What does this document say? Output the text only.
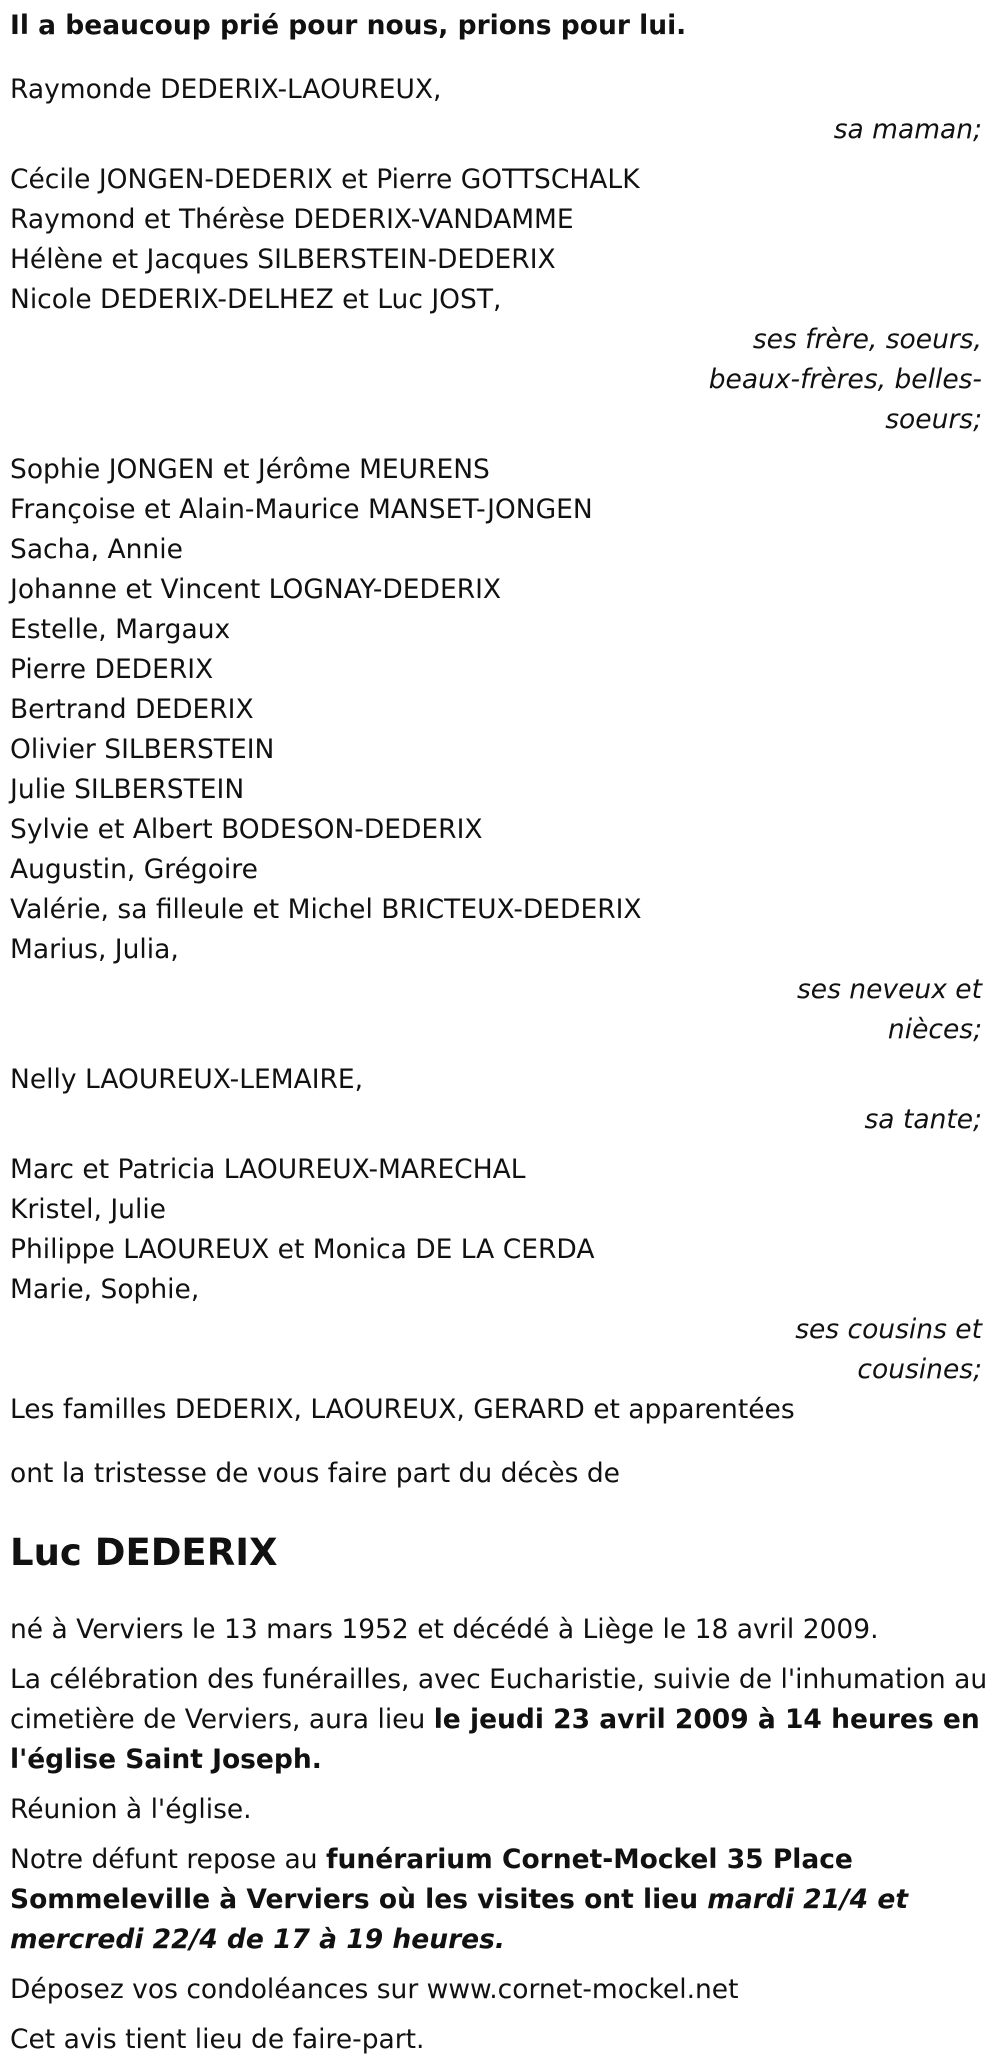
Il a beaucoup prié pour nous, prions pour lui.
Raymonde DEDERIX-LAOUREUX,
sa maman;
Cécile JONGEN-DEDERIX et Pierre GOTTSCHALK
Raymond et Thérèse DEDERIX-VANDAMME
Hélène et Jacques SILBERSTEIN-DEDERIX
Nicole DEDERIX-DELHEZ et Luc JOST,
ses frère, soeurs,
beaux-frères, belles-
soeurs;
Sophie JONGEN et Jérôme MEURENS
Françoise et Alain-Maurice MANSET-JONGEN
Sacha, Annie
Johanne et Vincent LOGNAY-DEDERIX
Estelle, Margaux
Pierre DEDERIX
Bertrand DEDERIX
Olivier SILBERSTEIN
Julie SILBERSTEIN
Sylvie et Albert BODESON-DEDERIX
Augustin, Grégoire
Valérie, sa filleule et Michel BRICTEUX-DEDERIX
Marius, Julia,
ses neveux et
nièces;
Nelly LAOUREUX-LEMAIRE,
sa tante;
Marc et Patricia LAOUREUX-MARECHAL
Kristel, Julie
Philippe LAOUREUX et Monica DE LA CERDA
Marie, Sophie,
ses cousins et
cousines;
Les familles DEDERIX, LAOUREUX, GERARD et apparentées
ont la tristesse de vous faire part du décès de
Luc DEDERIX
né à Verviers le 13 mars 1952 et décédé à Liège le 18 avril 2009.
La célébration des funérailles, avec Eucharistie, suivie de l'inhumation au cimetière de Verviers, aura lieu le jeudi 23 avril 2009 à 14 heures en l'église Saint Joseph.
Réunion à l'église.
Notre défunt repose au funérarium Cornet-Mockel 35 Place Sommeleville à Verviers où les visites ont lieu mardi 21/4 et mercredi 22/4 de 17 à 19 heures.
Déposez vos condoléances sur www.cornet-mockel.net
Cet avis tient lieu de faire-part.
